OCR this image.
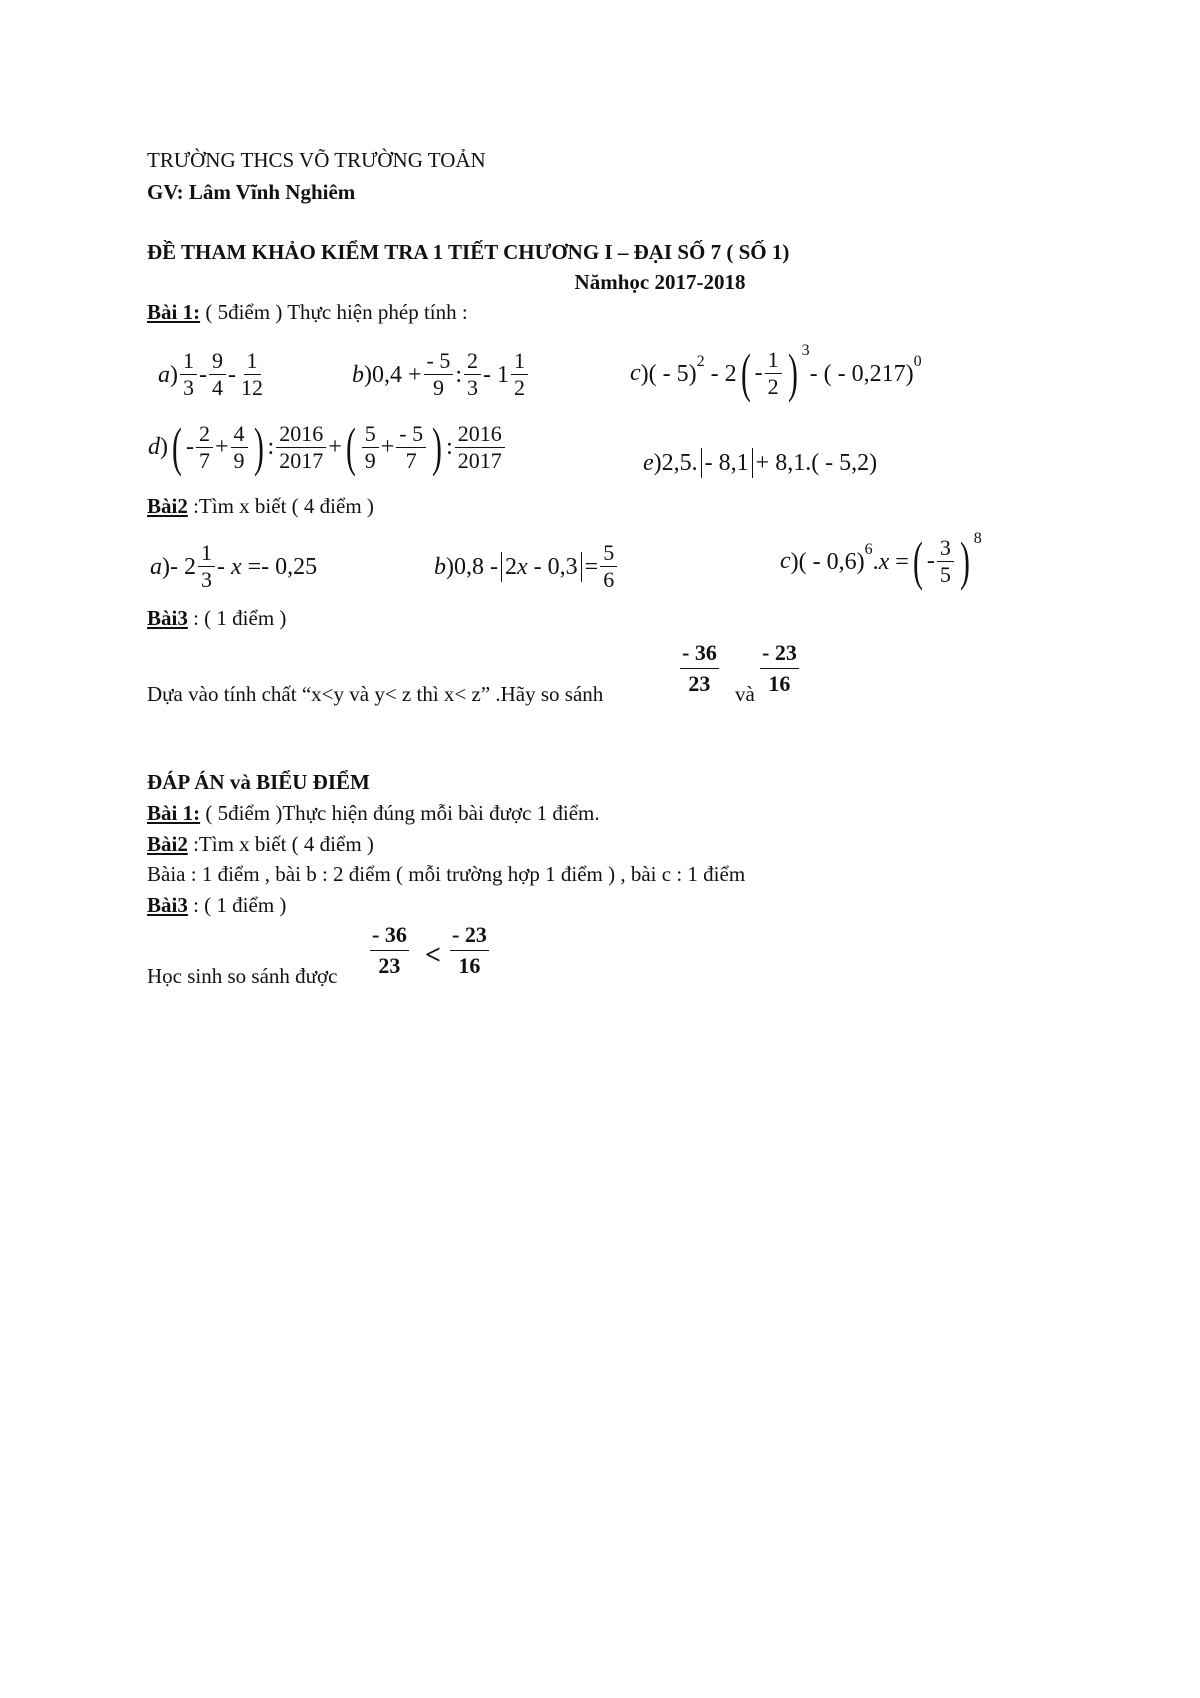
TRƯỜNG THCS VÕ TRƯỜNG TOẢN
GV: Lâm Vĩnh Nghiêm
ĐỀ THAM KHẢO KIỂM TRA 1 TIẾT CHƯƠNG I – ĐẠI SỐ 7 ( SỐ 1)
Nămhọc 2017-2018
Bài 1: ( 5điểm ) Thực hiện phép tính :
a ) $\frac{1}{3} - \frac{9}{4} - \frac{1}{12}$	b )$0,4 + \frac{- 5}{9}$ : $\frac{2}{3} - 1 \frac{1}{2}$	c )( - 5)$^2$ - 2 ( - $\frac{1}{2}$ ) $^3$
- ( - 0,217)$^0$
d ) ( - $\frac{2}{7} + \frac{4}{9}$ ) : $\frac{2016}{2017}$ + ( $\frac{5}{9} + \frac{- 5}{7}$ ) : $\frac{2016}{2017}$	e )2,5. - 8,1 + 8,1.( - 5,2)
Bài2 :Tìm x biết ( 4 điểm )
a )- $2 \frac{1}{3} - x =- 0,25$	b )$0,8 - 2x - 0,3 = \frac{5}{6}$	c )( - 0,6)$^6$.x = ( - $\frac{3}{5}$ ) $^8$
Bài3 : ( 1 điểm )
Dựa vào tính chất “x<y và y< z thì x< z” .Hãy so sánh	$\frac{- 36}{23}$ và $\frac{- 23}{16}$
ĐÁP ÁN và BIỂU ĐIỂM
Bài 1: ( 5điểm )Thực hiện đúng mỗi bài được 1 điểm.
Bài2 :Tìm x biết ( 4 điểm )
Bàia : 1 điểm , bài b : 2 điểm ( mỗi trường hợp 1 điểm ) , bài c : 1 điểm
Bài3 : ( 1 điểm )
Học sinh so sánh được $\frac{- 36}{23} < \frac{- 23}{16}$
